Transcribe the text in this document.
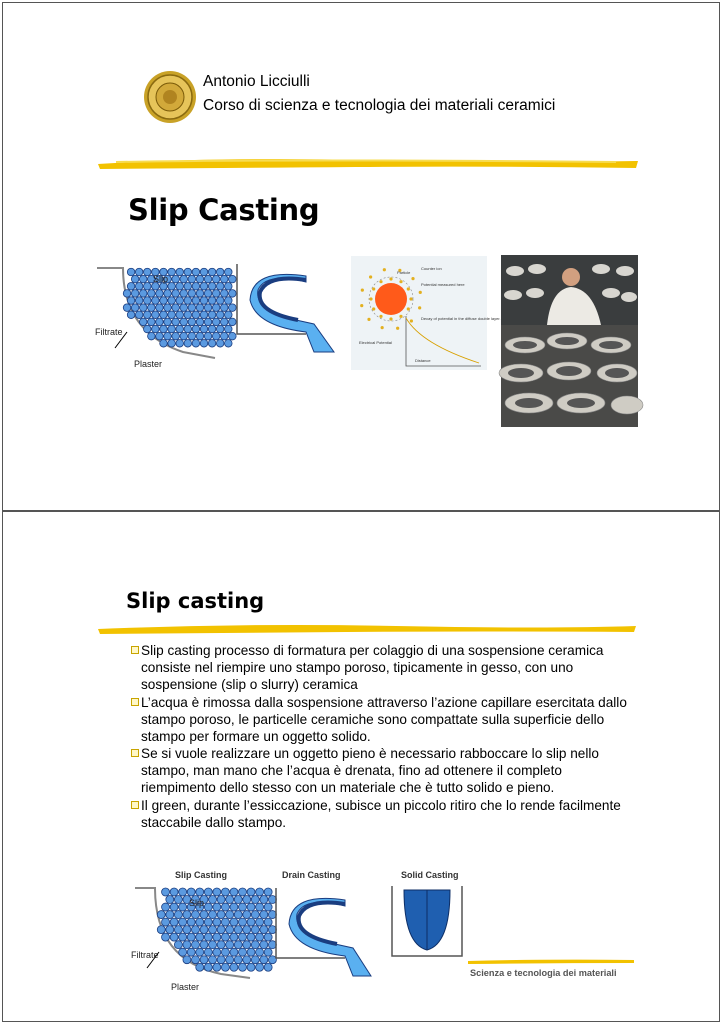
Antonio Licciulli
Corso di scienza e tecnologia dei materiali ceramici
Slip Casting
Slip
Filtrate
Plaster
Counter ion
Particle
Potential measured here
Decay of potential in the diffuse double layer.
Electrical Potential
Distance
Slip casting
Slip casting processo di formatura per colaggio di una sospensione ceramica consiste nel riempire uno stampo poroso, tipicamente in gesso, con uno sospensione (slip o slurry) ceramica
L’acqua è rimossa dalla sospensione attraverso l’azione capillare esercitata dallo stampo poroso, le particelle ceramiche sono compattate sulla superficie dello stampo per formare un oggetto solido.
Se si vuole realizzare un oggetto pieno è necessario rabboccare lo slip nello stampo, man mano che l’acqua è drenata, fino ad ottenere il completo riempimento dello stesso con un materiale che è tutto solido e pieno.
Il green, durante l’essiccazione, subisce un piccolo ritiro che lo rende facilmente staccabile dallo stampo.
Slip Casting	Drain Casting	Solid Casting
Slip
Filtrate
Plaster
Scienza e tecnologia dei materiali
